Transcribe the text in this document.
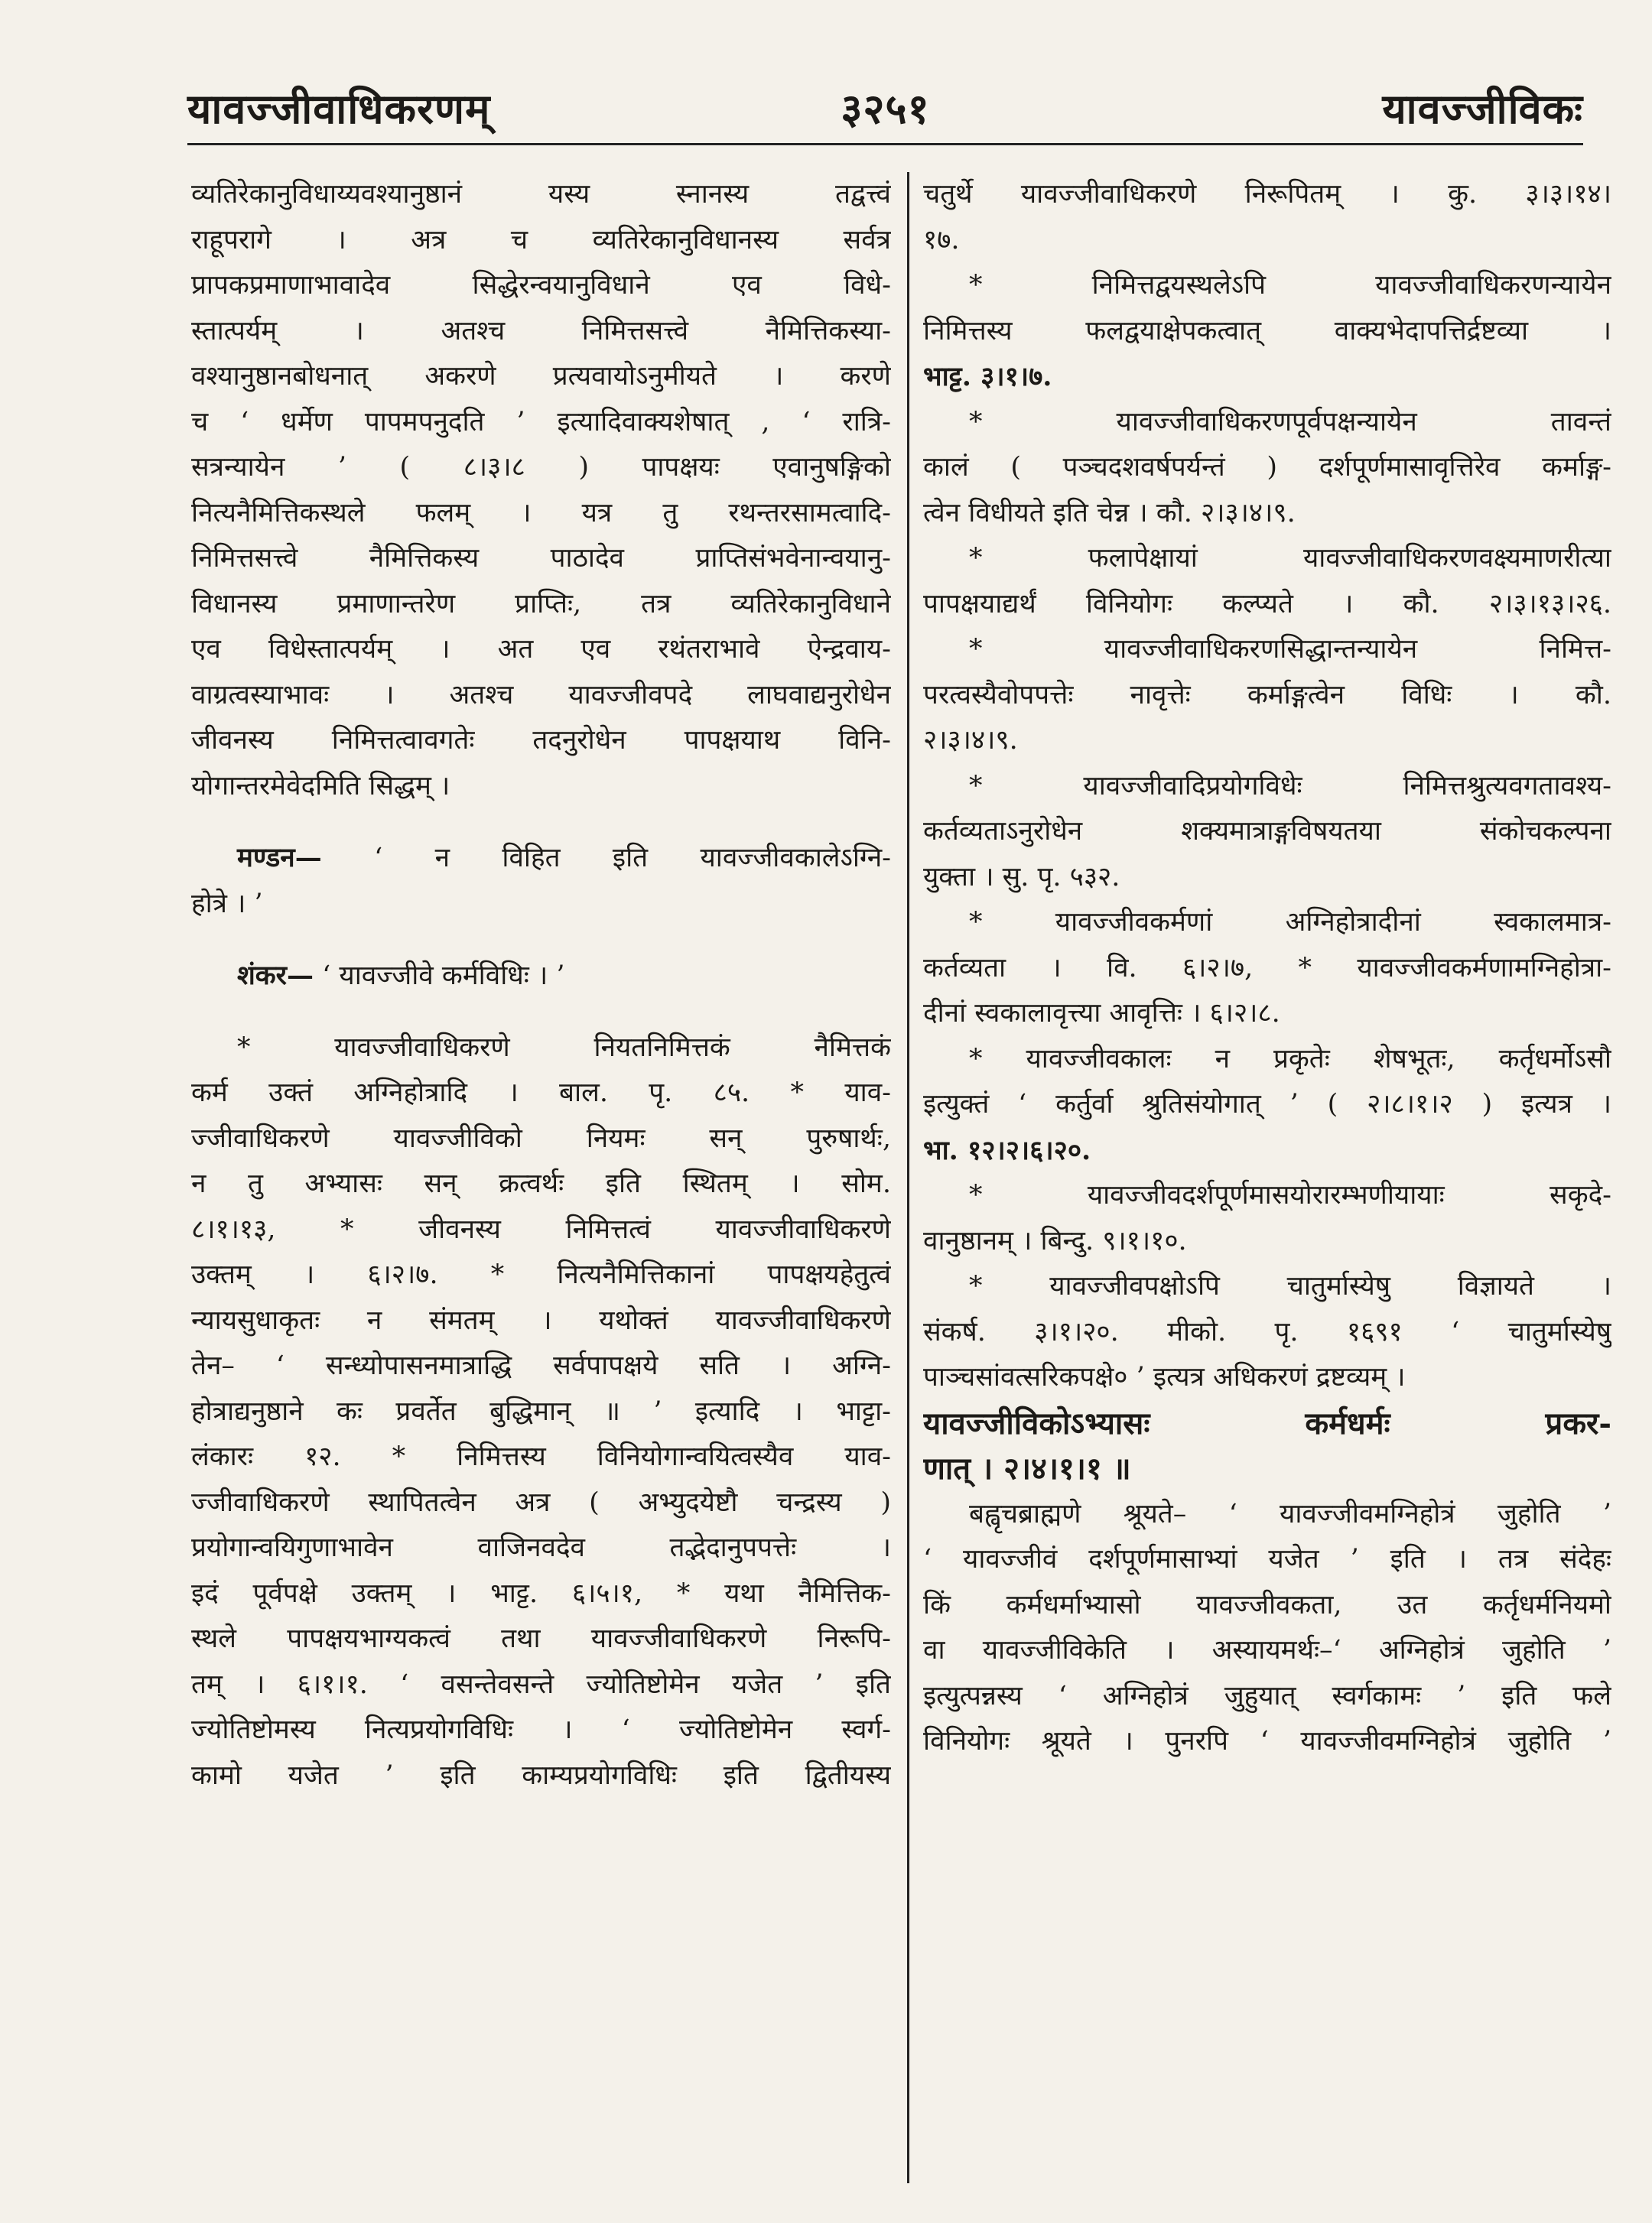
यावज्जीवाधिकरणम्	३२५१	यावज्जीविकः
व्यतिरेकानुविधाय्यवश्यानुष्ठानं यस्य स्नानस्य तद्वत्त्वं
राहूपरागे । अत्र च व्यतिरेकानुविधानस्य सर्वत्र
प्रापकप्रमाणाभावादेव सिद्धेरन्वयानुविधाने एव विधे-
स्तात्पर्यम् । अतश्च निमित्तसत्त्वे नैमित्तिकस्या-
वश्यानुष्ठानबोधनात् अकरणे प्रत्यवायोऽनुमीयते । करणे
च ‘ धर्मेण पापमपनुदति ’ इत्यादिवाक्यशेषात् , ‘ रात्रि-
सत्रन्यायेन ’ ( ८।३।८ ) पापक्षयः एवानुषङ्गिको
नित्यनैमित्तिकस्थले फलम् । यत्र तु रथन्तरसामत्वादि-
निमित्तसत्त्वे नैमित्तिकस्य पाठादेव प्राप्तिसंभवेनान्वयानु-
विधानस्य प्रमाणान्तरेण प्राप्तिः, तत्र व्यतिरेकानुविधाने
एव विधेस्तात्पर्यम् । अत एव रथंतराभावे ऐन्द्रवाय-
वाग्रत्वस्याभावः । अतश्च यावज्जीवपदे लाघवाद्यनुरोधेन
जीवनस्य निमित्तत्वावगतेः तदनुरोधेन पापक्षयाथ विनि-
योगान्तरमेवेदमिति सिद्धम् ।
मण्डन— ‘ न विहित इति यावज्जीवकालेऽग्नि-
होत्रे । ’
शंकर— ‘ यावज्जीवे कर्मविधिः । ’
* यावज्जीवाधिकरणे नियतनिमित्तकं नैमित्तकं
कर्म उक्तं अग्निहोत्रादि । बाल. पृ. ८५. * याव-
ज्जीवाधिकरणे यावज्जीविको नियमः सन् पुरुषार्थः,
न तु अभ्यासः सन् क्रत्वर्थः इति स्थितम् । सोम.
८।१।१३, * जीवनस्य निमित्तत्वं यावज्जीवाधिकरणे
उक्तम् । ६।२।७. * नित्यनैमित्तिकानां पापक्षयहेतुत्वं
न्यायसुधाकृतः न संमतम् । यथोक्तं यावज्जीवाधिकरणे
तेन– ‘ सन्ध्योपासनमात्राद्धि सर्वपापक्षये सति । अग्नि-
होत्राद्यनुष्ठाने कः प्रवर्तेत बुद्धिमान् ॥ ’ इत्यादि । भाट्टा-
लंकारः १२. * निमित्तस्य विनियोगान्वयित्वस्यैव याव-
ज्जीवाधिकरणे स्थापितत्वेन अत्र ( अभ्युदयेष्टौ चन्द्रस्य )
प्रयोगान्वयिगुणाभावेन वाजिनवदेव तद्भेदानुपपत्तेः ।
इदं पूर्वपक्षे उक्तम् । भाट्ट. ६।५।१, * यथा नैमित्तिक-
स्थले पापक्षयभाग्यकत्वं तथा यावज्जीवाधिकरणे निरूपि-
तम् । ६।१।१. ‘ वसन्तेवसन्ते ज्योतिष्टोमेन यजेत ’ इति
ज्योतिष्टोमस्य नित्यप्रयोगविधिः । ‘ ज्योतिष्टोमेन स्वर्ग-
कामो यजेत ’ इति काम्यप्रयोगविधिः इति द्वितीयस्य
चतुर्थे यावज्जीवाधिकरणे निरूपितम् । कु. ३।३।१४।
१७.
* निमित्तद्वयस्थलेऽपि यावज्जीवाधिकरणन्यायेन
निमित्तस्य फलद्वयाक्षेपकत्वात् वाक्यभेदापत्तिर्द्रष्टव्या ।
भाट्ट. ३।१।७.
* यावज्जीवाधिकरणपूर्वपक्षन्यायेन तावन्तं
कालं ( पञ्चदशवर्षपर्यन्तं ) दर्शपूर्णमासावृत्तिरेव कर्माङ्ग-
त्वेन विधीयते इति चेन्न । कौ. २।३।४।९.
* फलापेक्षायां यावज्जीवाधिकरणवक्ष्यमाणरीत्या
पापक्षयाद्यर्थं विनियोगः कल्प्यते । कौ. २।३।१३।२६.
* यावज्जीवाधिकरणसिद्धान्तन्यायेन निमित्त-
परत्वस्यैवोपपत्तेः नावृत्तेः कर्माङ्गत्वेन विधिः । कौ.
२।३।४।९.
* यावज्जीवादिप्रयोगविधेः निमित्तश्रुत्यवगतावश्य-
कर्तव्यताऽनुरोधेन शक्यमात्राङ्गविषयतया संकोचकल्पना
युक्ता । सु. पृ. ५३२.
* यावज्जीवकर्मणां अग्निहोत्रादीनां स्वकालमात्र-
कर्तव्यता । वि. ६।२।७, * यावज्जीवकर्मणामग्निहोत्रा-
दीनां स्वकालावृत्त्या आवृत्तिः । ६।२।८.
* यावज्जीवकालः न प्रकृतेः शेषभूतः, कर्तृधर्मोऽसौ
इत्युक्तं ‘ कर्तुर्वा श्रुतिसंयोगात् ’ ( २।८।१।२ ) इत्यत्र ।
भा. १२।२।६।२०.
* यावज्जीवदर्शपूर्णमासयोरारम्भणीयायाः सकृदे-
वानुष्ठानम् । बिन्दु. ९।१।१०.
* यावज्जीवपक्षोऽपि चातुर्मास्येषु विज्ञायते ।
संकर्ष. ३।१।२०. मीको. पृ. १६९१ ‘ चातुर्मास्येषु
पाञ्चसांवत्सरिकपक्षे० ’ इत्यत्र अधिकरणं द्रष्टव्यम् ।
यावज्जीविकोऽभ्यासः कर्मधर्मः प्रकर-
णात् । २।४।१।१ ॥
बह्वृचब्राह्मणे श्रूयते– ‘ यावज्जीवमग्निहोत्रं जुहोति ’
‘ यावज्जीवं दर्शपूर्णमासाभ्यां यजेत ’ इति । तत्र संदेहः
किं कर्मधर्माभ्यासो यावज्जीवकता, उत कर्तृधर्मनियमो
वा यावज्जीविकेति । अस्यायमर्थः–‘ अग्निहोत्रं जुहोति ’
इत्युत्पन्नस्य ‘ अग्निहोत्रं जुहुयात् स्वर्गकामः ’ इति फले
विनियोगः श्रूयते । पुनरपि ‘ यावज्जीवमग्निहोत्रं जुहोति ’
